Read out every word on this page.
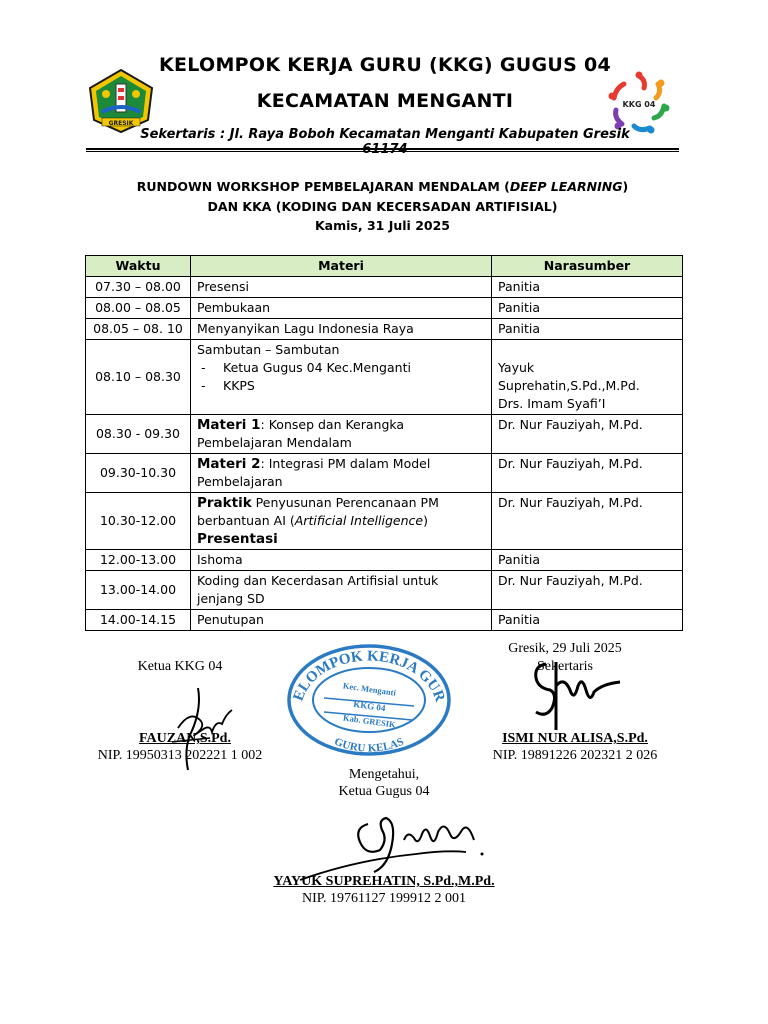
GRESIK
KKG 04
KELOMPOK KERJA GURU (KKG) GUGUS 04
KECAMATAN MENGANTI
Sekertaris : Jl. Raya Boboh Kecamatan Menganti Kabupaten Gresik 61174
RUNDOWN WORKSHOP PEMBELAJARAN MENDALAM (DEEP LEARNING)
DAN KKA (KODING DAN KECERSADAN ARTIFISIAL)
Kamis, 31 Juli 2025
Waktu	Materi	Narasumber
07.30 – 08.00	Presensi	Panitia
08.00 – 08.05	Pembukaan	Panitia
08.05 – 08. 10	Menyanyikan Lagu Indonesia Raya	Panitia
08.10 – 08.30	Sambutan – Sambutan
- Ketua Gugus 04 Kec.Menganti
- KKPS	Yayuk Suprehatin,S.Pd.,M.Pd.
Drs. Imam Syafi’I

08.30 - 09.30	Materi 1: Konsep dan Kerangka Pembelajaran Mendalam	Dr. Nur Fauziyah, M.Pd.
09.30-10.30	Materi 2: Integrasi PM dalam Model Pembelajaran	Dr. Nur Fauziyah, M.Pd.
10.30-12.00	Praktik Penyusunan Perencanaan PM berbantuan AI (Artificial Intelligence)
Presentasi	Dr. Nur Fauziyah, M.Pd.
12.00-13.00	Ishoma	Panitia
13.00-14.00	Koding dan Kecerdasan Artifisial untuk jenjang SD	Dr. Nur Fauziyah, M.Pd.
14.00-14.15	Penutupan	Panitia
Gresik, 29 Juli 2025
Sekertaris
ISMI NUR ALISA,S.Pd.
NIP. 19891226 202321 2 026
Ketua KKG 04
FAUZAN,S.Pd.
NIP. 19950313 202221 1 002
Mengetahui,
Ketua Gugus 04
YAYUK SUPREHATIN, S.Pd.,M.Pd.
NIP. 19761127 199912 2 001
ELOMPOK KERJA GUR
GURU KELAS
Kec. Menganti
KKG 04
Kab. GRESIK
